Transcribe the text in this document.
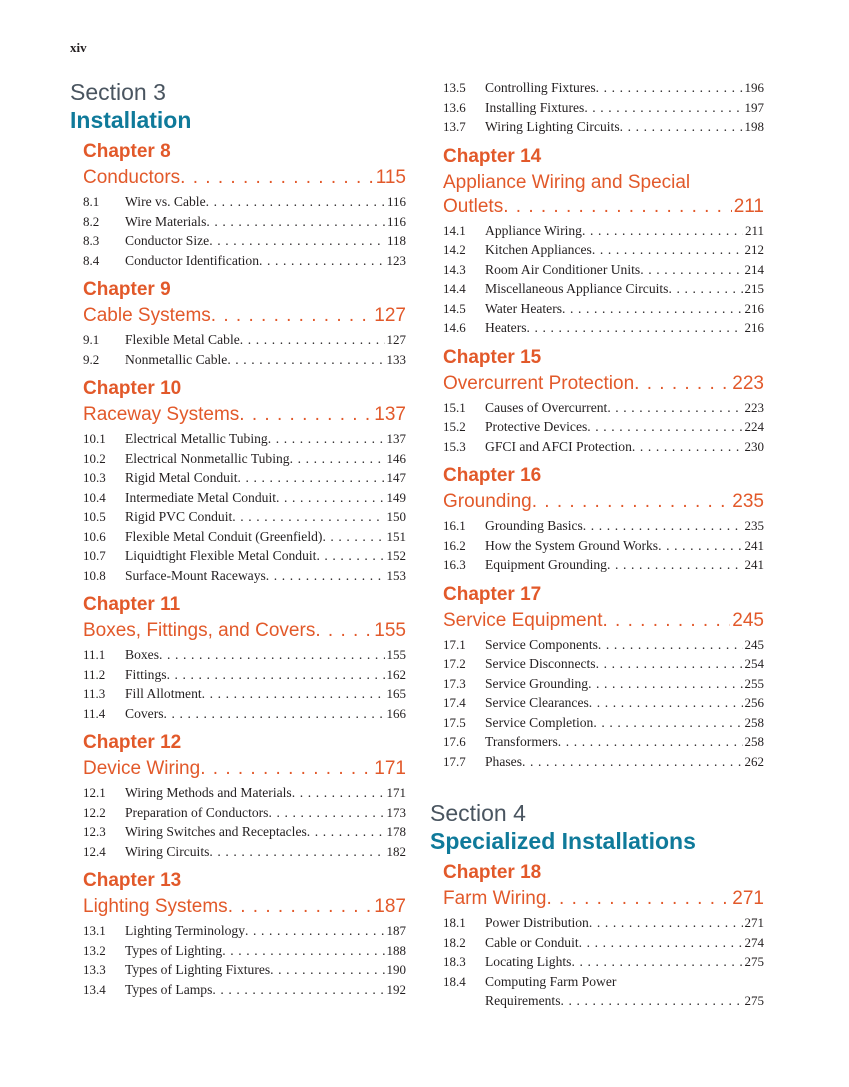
xiv
Section 3
Installation
Chapter 8
Conductors . . .	115
8.1	Wire vs. Cable . . .	116
8.2	Wire Materials . . .	116
8.3	Conductor Size . . .	118
8.4	Conductor Identification . . .	123
Chapter 9
Cable Systems . . .	127
9.1	Flexible Metal Cable . . .	127
9.2	Nonmetallic Cable . . .	133
Chapter 10
Raceway Systems . . .	137
10.1	Electrical Metallic Tubing . . .	137
10.2	Electrical Nonmetallic Tubing . . .	146
10.3	Rigid Metal Conduit . . .	147
10.4	Intermediate Metal Conduit . . .	149
10.5	Rigid PVC Conduit . . .	150
10.6	Flexible Metal Conduit (Greenfield) . . .	151
10.7	Liquidtight Flexible Metal Conduit . . .	152
10.8	Surface-Mount Raceways . . .	153
Chapter 11
Boxes, Fittings, and Covers . . .	155
11.1	Boxes . . .	155
11.2	Fittings . . .	162
11.3	Fill Allotment . . .	165
11.4	Covers . . .	166
Chapter 12
Device Wiring . . .	171
12.1	Wiring Methods and Materials . . .	171
12.2	Preparation of Conductors . . .	173
12.3	Wiring Switches and Receptacles . . .	178
12.4	Wiring Circuits . . .	182
Chapter 13
Lighting Systems . . .	187
13.1	Lighting Terminology . . .	187
13.2	Types of Lighting . . .	188
13.3	Types of Lighting Fixtures . . .	190
13.4	Types of Lamps . . .	192
13.5	Controlling Fixtures . . .	196
13.6	Installing Fixtures . . .	197
13.7	Wiring Lighting Circuits . . .	198
Chapter 14
Appliance Wiring and Special
Outlets . . .	211
14.1	Appliance Wiring . . .	211
14.2	Kitchen Appliances . . .	212
14.3	Room Air Conditioner Units . . .	214
14.4	Miscellaneous Appliance Circuits . . .	215
14.5	Water Heaters . . .	216
14.6	Heaters . . .	216
Chapter 15
Overcurrent Protection . . .	223
15.1	Causes of Overcurrent . . .	223
15.2	Protective Devices . . .	224
15.3	GFCI and AFCI Protection . . .	230
Chapter 16
Grounding . . .	235
16.1	Grounding Basics . . .	235
16.2	How the System Ground Works . . .	241
16.3	Equipment Grounding . . .	241
Chapter 17
Service Equipment . . .	245
17.1	Service Components . . .	245
17.2	Service Disconnects . . .	254
17.3	Service Grounding . . .	255
17.4	Service Clearances . . .	256
17.5	Service Completion . . .	258
17.6	Transformers . . .	258
17.7	Phases . . .	262
Section 4
Specialized Installations
Chapter 18
Farm Wiring . . .	271
18.1	Power Distribution . . .	271
18.2	Cable or Conduit . . .	274
18.3	Locating Lights . . .	275
18.4	Computing Farm Power
Requirements . . .	275
